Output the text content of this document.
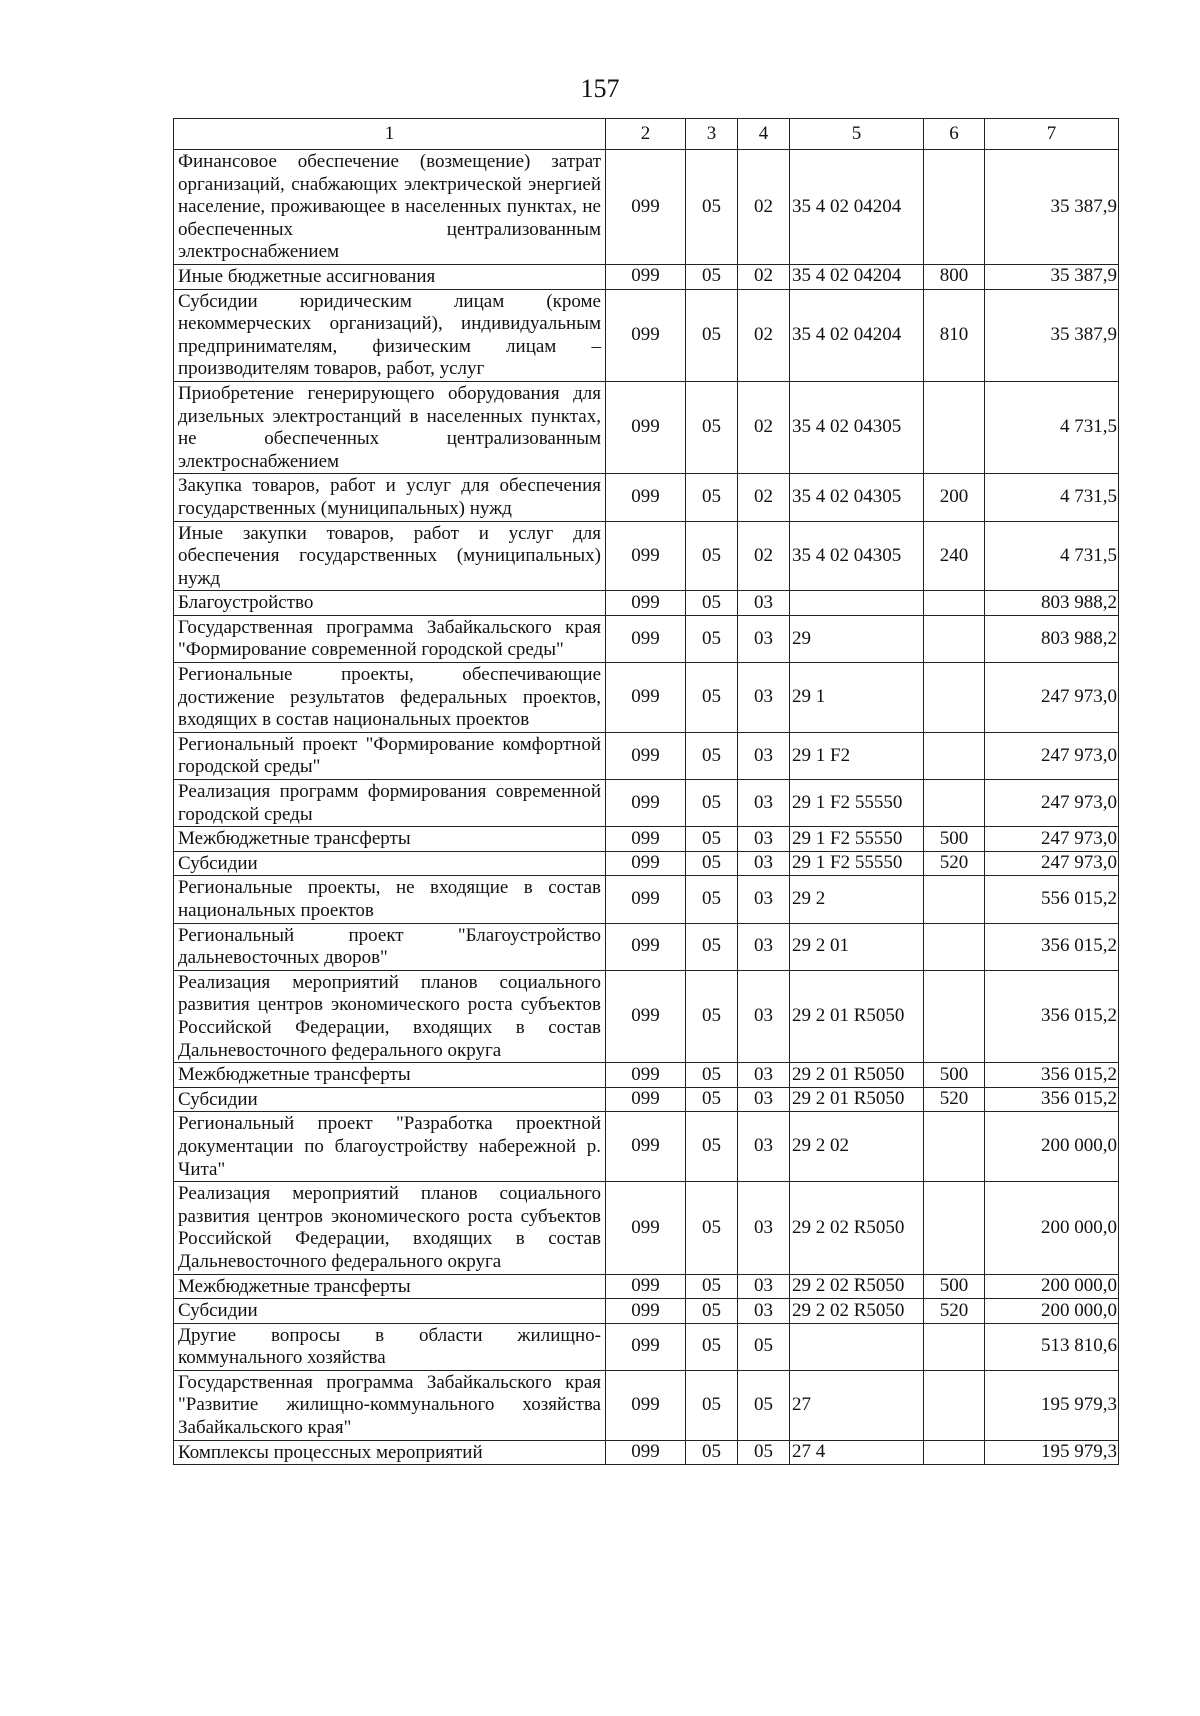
157
1	2	3	4	5	6	7
Финансовое обеспечение (возмещение) затрат организаций, снабжающих электрической энергией население, проживающее в населенных пунктах, не обеспеченных централизованным электроснабжением	099	05	02	35 4 02 04204		35 387,9
Иные бюджетные ассигнования	099	05	02	35 4 02 04204	800	35 387,9
Субсидии юридическим лицам (кроме некоммерческих организаций), индивидуальным предпринимателям, физическим лицам – производителям товаров, работ, услуг	099	05	02	35 4 02 04204	810	35 387,9
Приобретение генерирующего оборудования для дизельных электростанций в населенных пунктах, не обеспеченных централизованным электроснабжением	099	05	02	35 4 02 04305		4 731,5
Закупка товаров, работ и услуг для обеспечения государственных (муниципальных) нужд	099	05	02	35 4 02 04305	200	4 731,5
Иные закупки товаров, работ и услуг для обеспечения государственных (муниципальных) нужд	099	05	02	35 4 02 04305	240	4 731,5
Благоустройство	099	05	03			803 988,2
Государственная программа Забайкальского края "Формирование современной городской среды"	099	05	03	29		803 988,2
Региональные проекты, обеспечивающие достижение результатов федеральных проектов, входящих в состав национальных проектов	099	05	03	29 1		247 973,0
Региональный проект "Формирование комфортной городской среды"	099	05	03	29 1 F2		247 973,0
Реализация программ формирования современной городской среды	099	05	03	29 1 F2 55550		247 973,0
Межбюджетные трансферты	099	05	03	29 1 F2 55550	500	247 973,0
Субсидии	099	05	03	29 1 F2 55550	520	247 973,0
Региональные проекты, не входящие в состав национальных проектов	099	05	03	29 2		556 015,2
Региональный проект "Благоустройство дальневосточных дворов"	099	05	03	29 2 01		356 015,2
Реализация мероприятий планов социального развития центров экономического роста субъектов Российской Федерации, входящих в состав Дальневосточного федерального округа	099	05	03	29 2 01 R5050		356 015,2
Межбюджетные трансферты	099	05	03	29 2 01 R5050	500	356 015,2
Субсидии	099	05	03	29 2 01 R5050	520	356 015,2
Региональный проект "Разработка проектной документации по благоустройству набережной р. Чита"	099	05	03	29 2 02		200 000,0
Реализация мероприятий планов социального развития центров экономического роста субъектов Российской Федерации, входящих в состав Дальневосточного федерального округа	099	05	03	29 2 02 R5050		200 000,0
Межбюджетные трансферты	099	05	03	29 2 02 R5050	500	200 000,0
Субсидии	099	05	03	29 2 02 R5050	520	200 000,0
Другие вопросы в области жилищно-коммунального хозяйства	099	05	05			513 810,6
Государственная программа Забайкальского края "Развитие жилищно-коммунального хозяйства Забайкальского края"	099	05	05	27		195 979,3
Комплексы процессных мероприятий	099	05	05	27 4		195 979,3
